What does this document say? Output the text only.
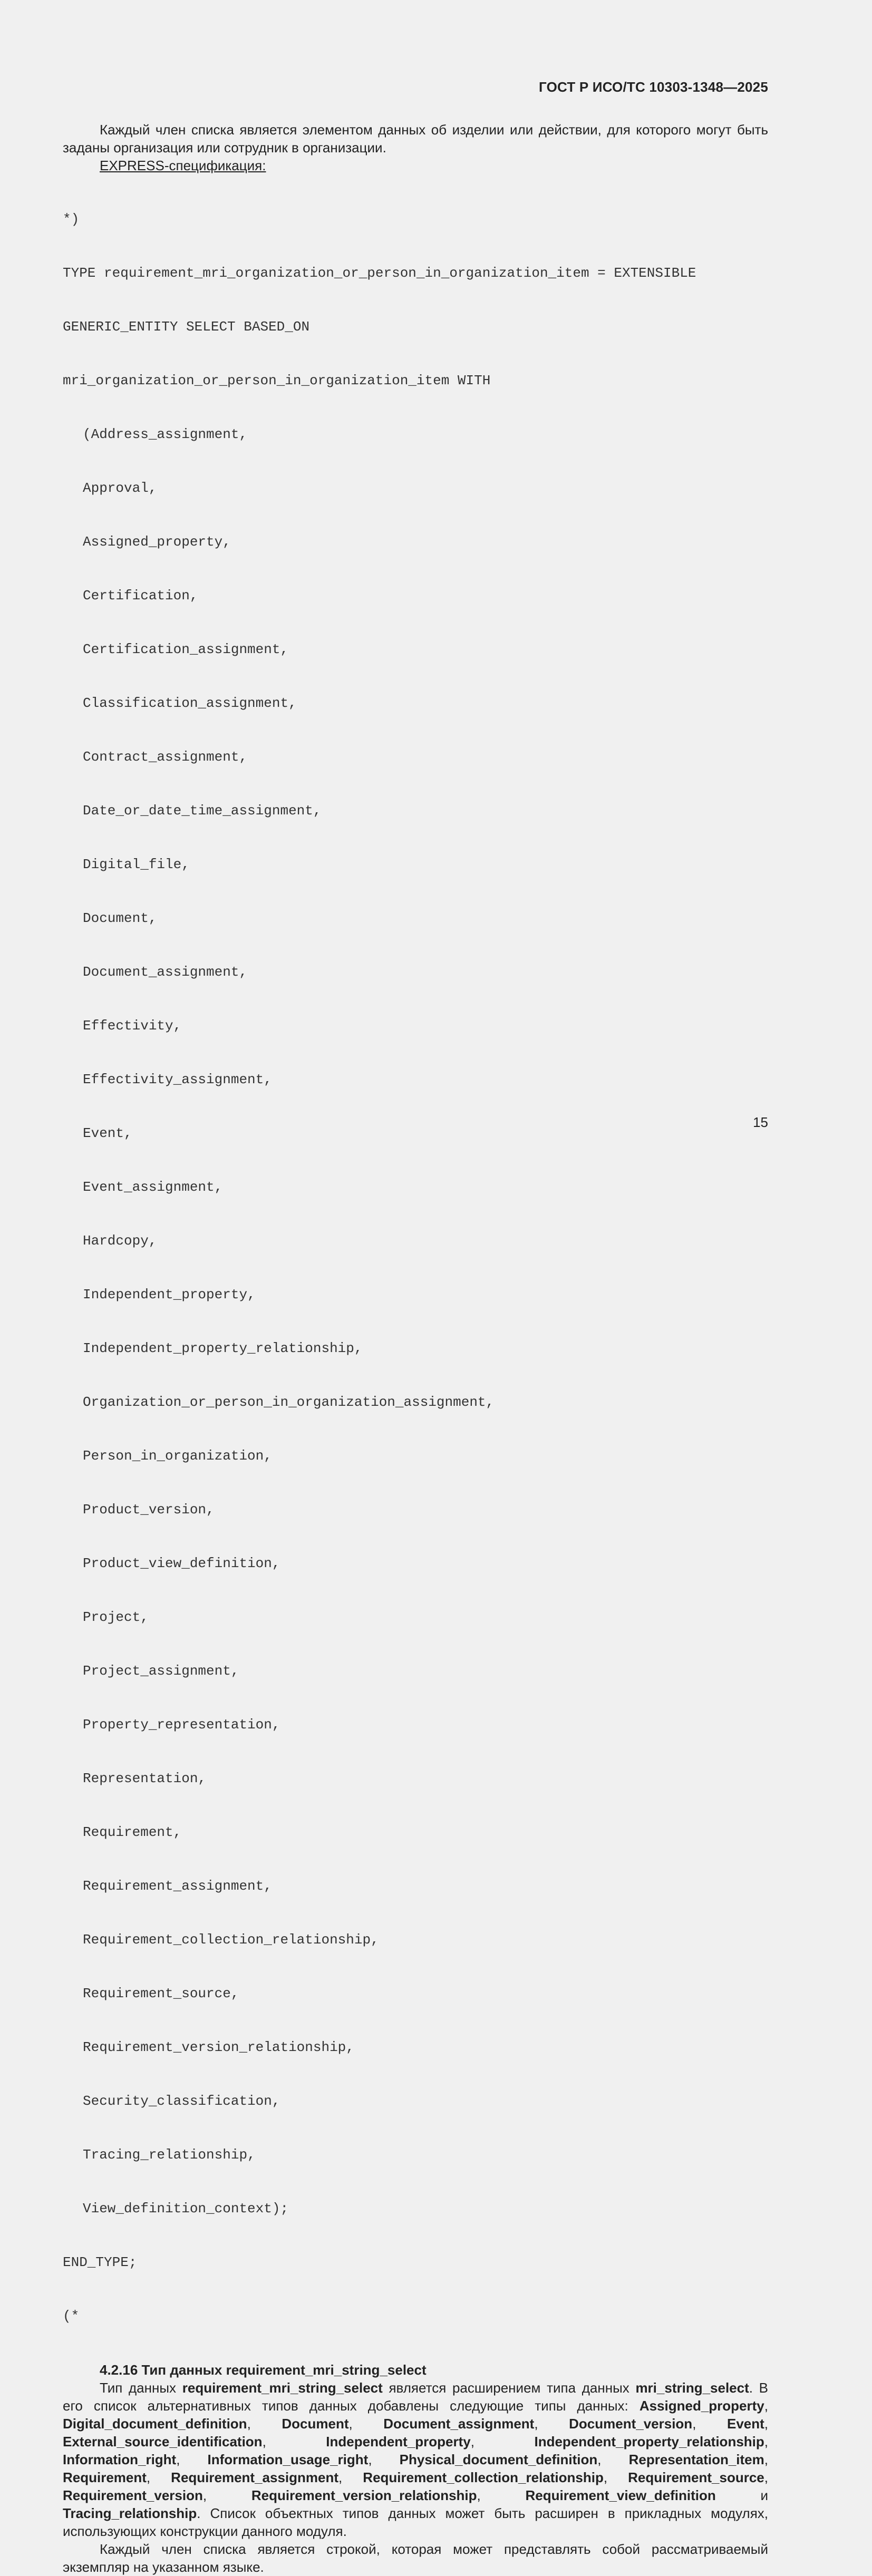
ГОСТ Р ИСО/ТС 10303-1348—2025

Каждый член списка является элементом данных об изделии или действии, для которого могут быть заданы организация или сотрудник в организации.

EXPRESS-спецификация:

*)

TYPE requirement_mri_organization_or_person_in_organization_item = EXTENSIBLE

GENERIC_ENTITY SELECT BASED_ON

mri_organization_or_person_in_organization_item WITH

(Address_assignment,

Approval,

Assigned_property,

Certification,

Certification_assignment,

Classification_assignment,

Contract_assignment,

Date_or_date_time_assignment,

Digital_file,

Document,

Document_assignment,

Effectivity,

Effectivity_assignment,

Event,

Event_assignment,

Hardcopy,

Independent_property,

Independent_property_relationship,

Organization_or_person_in_organization_assignment,

Person_in_organization,

Product_version,

Product_view_definition,

Project,

Project_assignment,

Property_representation,

Representation,

Requirement,

Requirement_assignment,

Requirement_collection_relationship,

Requirement_source,

Requirement_version_relationship,

Security_classification,

Tracing_relationship,

View_definition_context);

END_TYPE;

(*

4.2.16 Тип данных requirement_mri_string_select

Тип данных requirement_mri_string_select является расширением типа данных mri_string_select. В его список альтернативных типов данных добавлены следующие типы данных: Assigned_property, Digital_document_definition, Document, Document_assignment, Document_version, Event, External_source_identification, Independent_property, Independent_property_relationship, Information_right, Information_usage_right, Physical_document_definition, Representation_item, Requirement, Requirement_assignment, Requirement_collection_relationship, Requirement_source, Requirement_version, Requirement_version_relationship, Requirement_view_definition и Tracing_relationship. Список объектных типов данных может быть расширен в прикладных модулях, использующих конструкции данного модуля.

Каждый член списка является строкой, которая может представлять собой рассматриваемый экземпляр на указанном языке.

15
